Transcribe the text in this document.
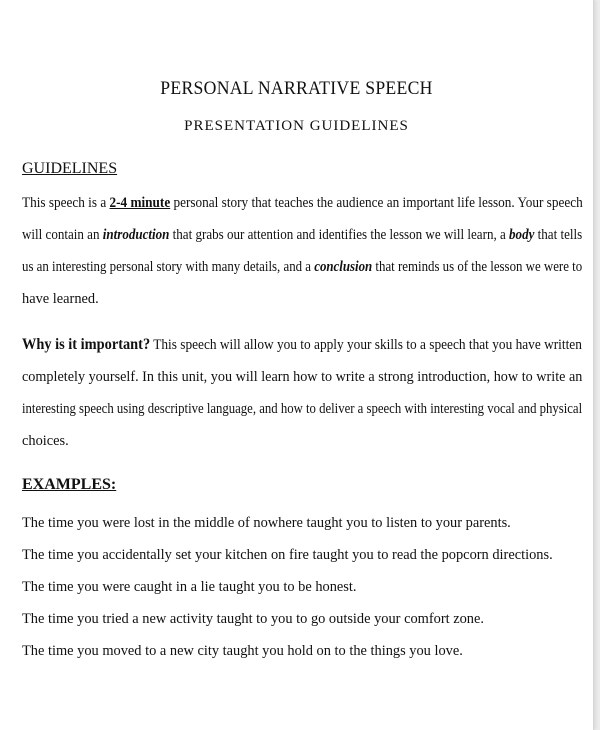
PERSONAL NARRATIVE SPEECH
PRESENTATION GUIDELINES
GUIDELINES

This speech is a 2-4 minute personal story that teaches the audience an important life lesson. Your speech will contain an introduction that grabs our attention and identifies the lesson we will learn, a body that tells us an interesting personal story with many details, and a conclusion that reminds us of the lesson we were to
have learned.

Why is it important? This speech will allow you to apply your skills to a speech that you have written completely yourself. In this unit, you will learn how to write a strong introduction, how to write an interesting speech using descriptive language, and how to deliver a speech with interesting vocal and physical
choices.

EXAMPLES:
The time you were lost in the middle of nowhere taught you to listen to your parents.
The time you accidentally set your kitchen on fire taught you to read the popcorn directions.
The time you were caught in a lie taught you to be honest.
The time you tried a new activity taught to you to go outside your comfort zone.
The time you moved to a new city taught you hold on to the things you love.
